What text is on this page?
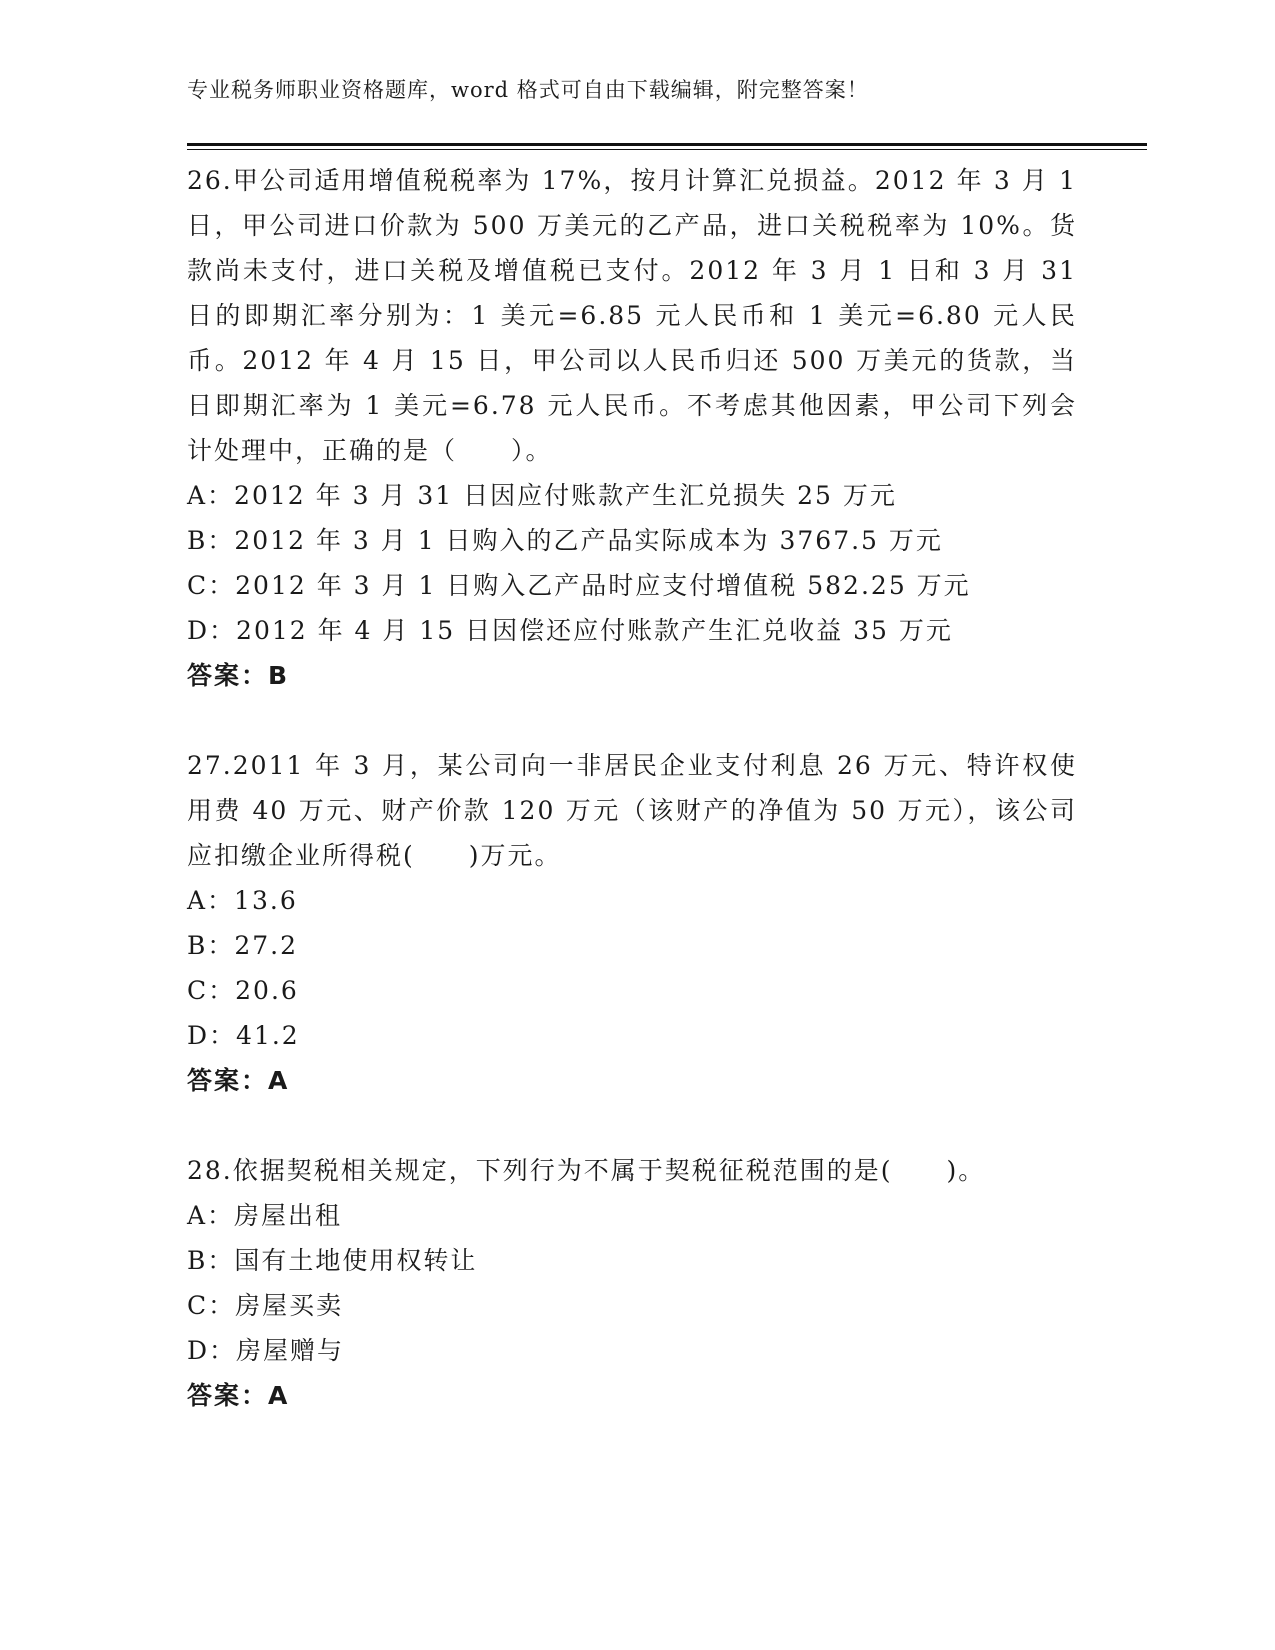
专业税务师职业资格题库，word 格式可自由下载编辑，附完整答案！

26.甲公司适用增值税税率为 17%，按月计算汇兑损益。2012 年 3 月 1 日，甲公司进口价款为 500 万美元的乙产品，进口关税税率为 10%。货款尚未支付，进口关税及增值税已支付。2012 年 3 月 1 日和 3 月 31 日的即期汇率分别为：1 美元=6.85 元人民币和 1 美元=6.80 元人民币。2012 年 4 月 15 日，甲公司以人民币归还 500 万美元的货款，当日即期汇率为 1 美元=6.78 元人民币。不考虑其他因素，甲公司下列会计处理中，正确的是（　　）。

A：2012 年 3 月 31 日因应付账款产生汇兑损失 25 万元

B：2012 年 3 月 1 日购入的乙产品实际成本为 3767.5 万元

C：2012 年 3 月 1 日购入乙产品时应支付增值税 582.25 万元

D：2012 年 4 月 15 日因偿还应付账款产生汇兑收益 35 万元

答案：B

27.2011 年 3 月，某公司向一非居民企业支付利息 26 万元、特许权使用费 40 万元、财产价款 120 万元（该财产的净值为 50 万元），该公司应扣缴企业所得税(　　)万元。

A：13.6

B：27.2

C：20.6

D：41.2

答案：A

28.依据契税相关规定，下列行为不属于契税征税范围的是(　　)。

A：房屋出租

B：国有土地使用权转让

C：房屋买卖

D：房屋赠与

答案：A
